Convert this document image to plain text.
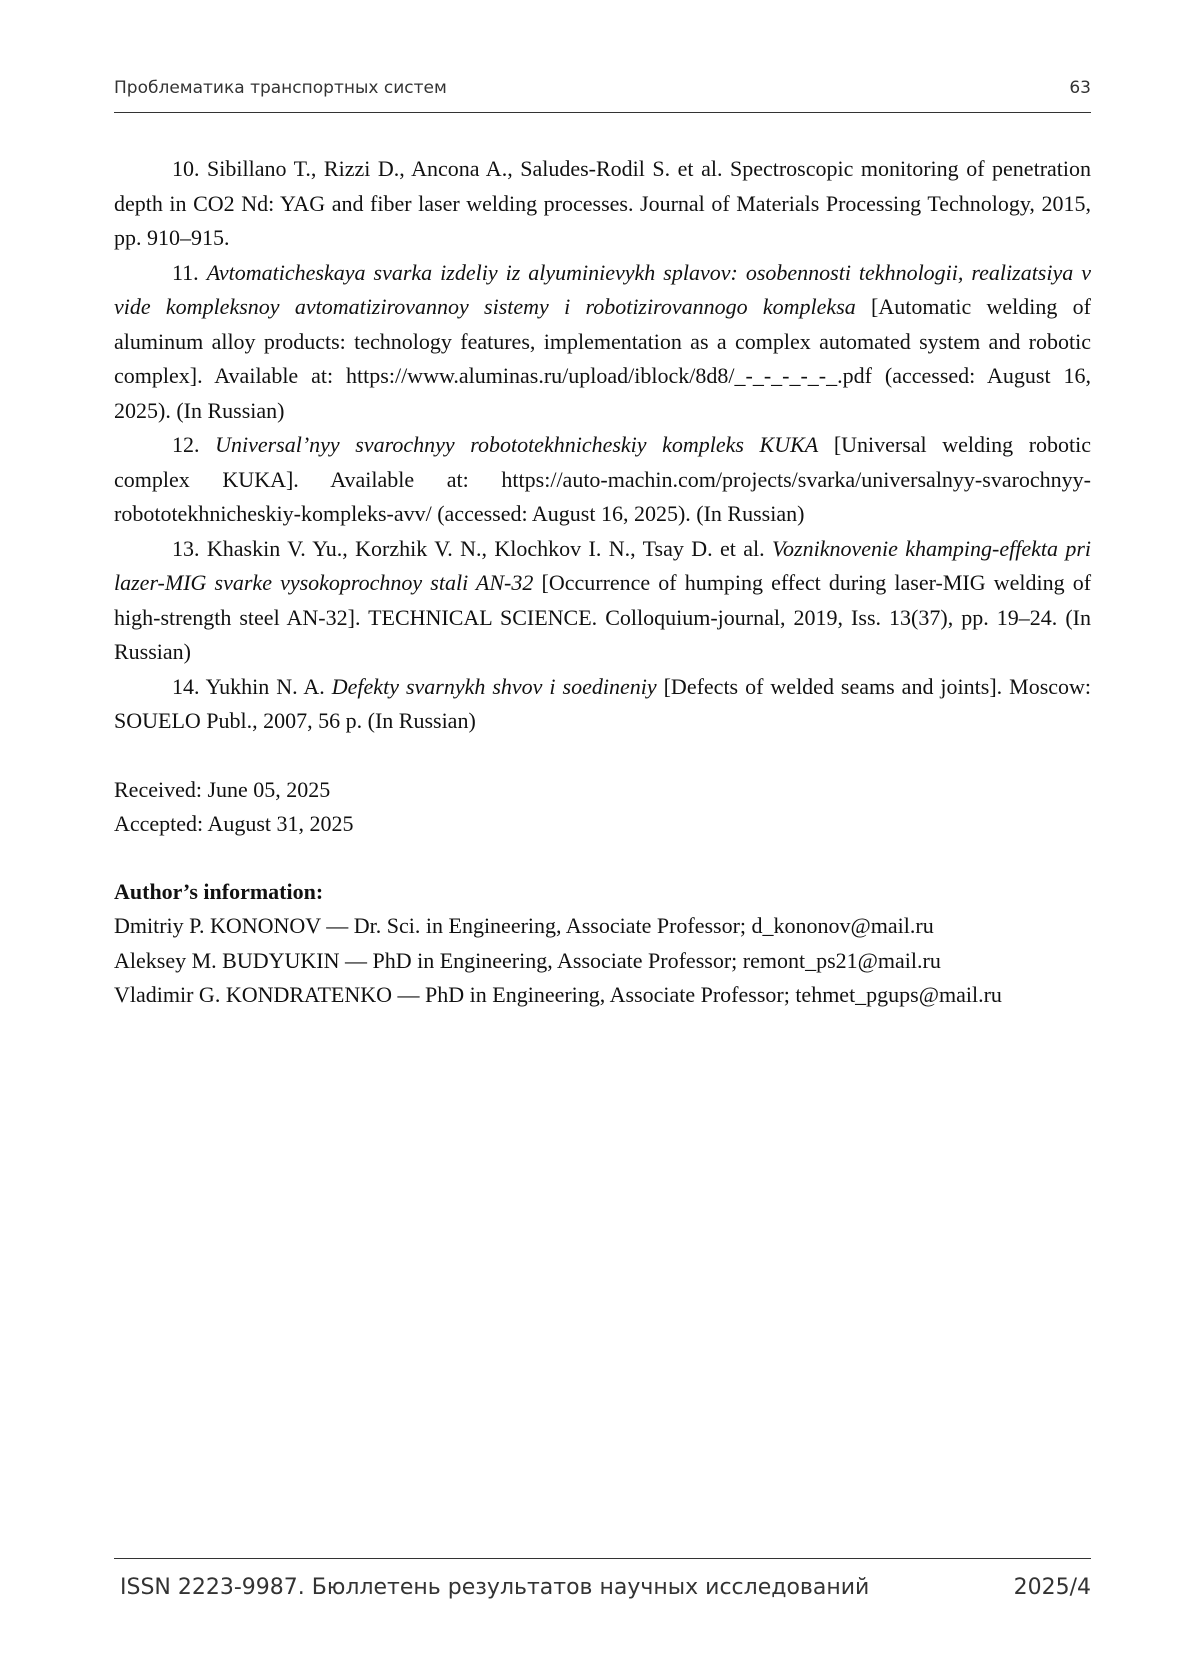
Проблематика транспортных систем	63

10. Sibillano T., Rizzi D., Ancona A., Saludes-Rodil S. et al. Spectroscopic monitoring of penetration depth in CO2 Nd: YAG and fiber laser welding processes. Journal of Materials Processing Technology, 2015, pp. 910–915.

11. Avtomaticheskaya svarka izdeliy iz alyuminievykh splavov: osobennosti tekhnologii, realizatsiya v vide kompleksnoy avtomatizirovannoy sistemy i robotizirovannogo kompleksa [Automatic welding of aluminum alloy products: technology features, implementation as a complex automated system and robotic complex]. Available at: https://www.aluminas.ru/upload/iblock/8d8/_-_-_-_-_-_.pdf (accessed: August 16, 2025). (In Russian)

12. Universal’nyy svarochnyy robototekhnicheskiy kompleks KUKA [Universal welding robotic complex KUKA]. Available at: https://auto-machin.com/projects/svarka/universalnyy-svarochnyy-robototekhnicheskiy-kompleks-avv/ (accessed: August 16, 2025). (In Russian)

13. Khaskin V. Yu., Korzhik V. N., Klochkov I. N., Tsay D. et al. Vozniknovenie khamping-effekta pri lazer-MIG svarke vysokoprochnoy stali AN-32 [Occurrence of humping effect during laser-MIG welding of high-strength steel AN-32]. TECHNICAL SCIENCE. Colloquium-journal, 2019, Iss. 13(37), pp. 19–24. (In Russian)

14. Yukhin N. A. Defekty svarnykh shvov i soedineniy [Defects of welded seams and joints]. Moscow: SOUELO Publ., 2007, 56 p. (In Russian)

Received: June 05, 2025
Accepted: August 31, 2025
Author’s information:
Dmitriy P. KONONOV — Dr. Sci. in Engineering, Associate Professor; d_kononov@mail.ru
Aleksey M. BUDYUKIN — PhD in Engineering, Associate Professor; remont_ps21@mail.ru
Vladimir G. KONDRATENKO — PhD in Engineering, Associate Professor; tehmet_pgups@mail.ru
ISSN 2223-9987. Бюллетень результатов научных исследований	2025/4
